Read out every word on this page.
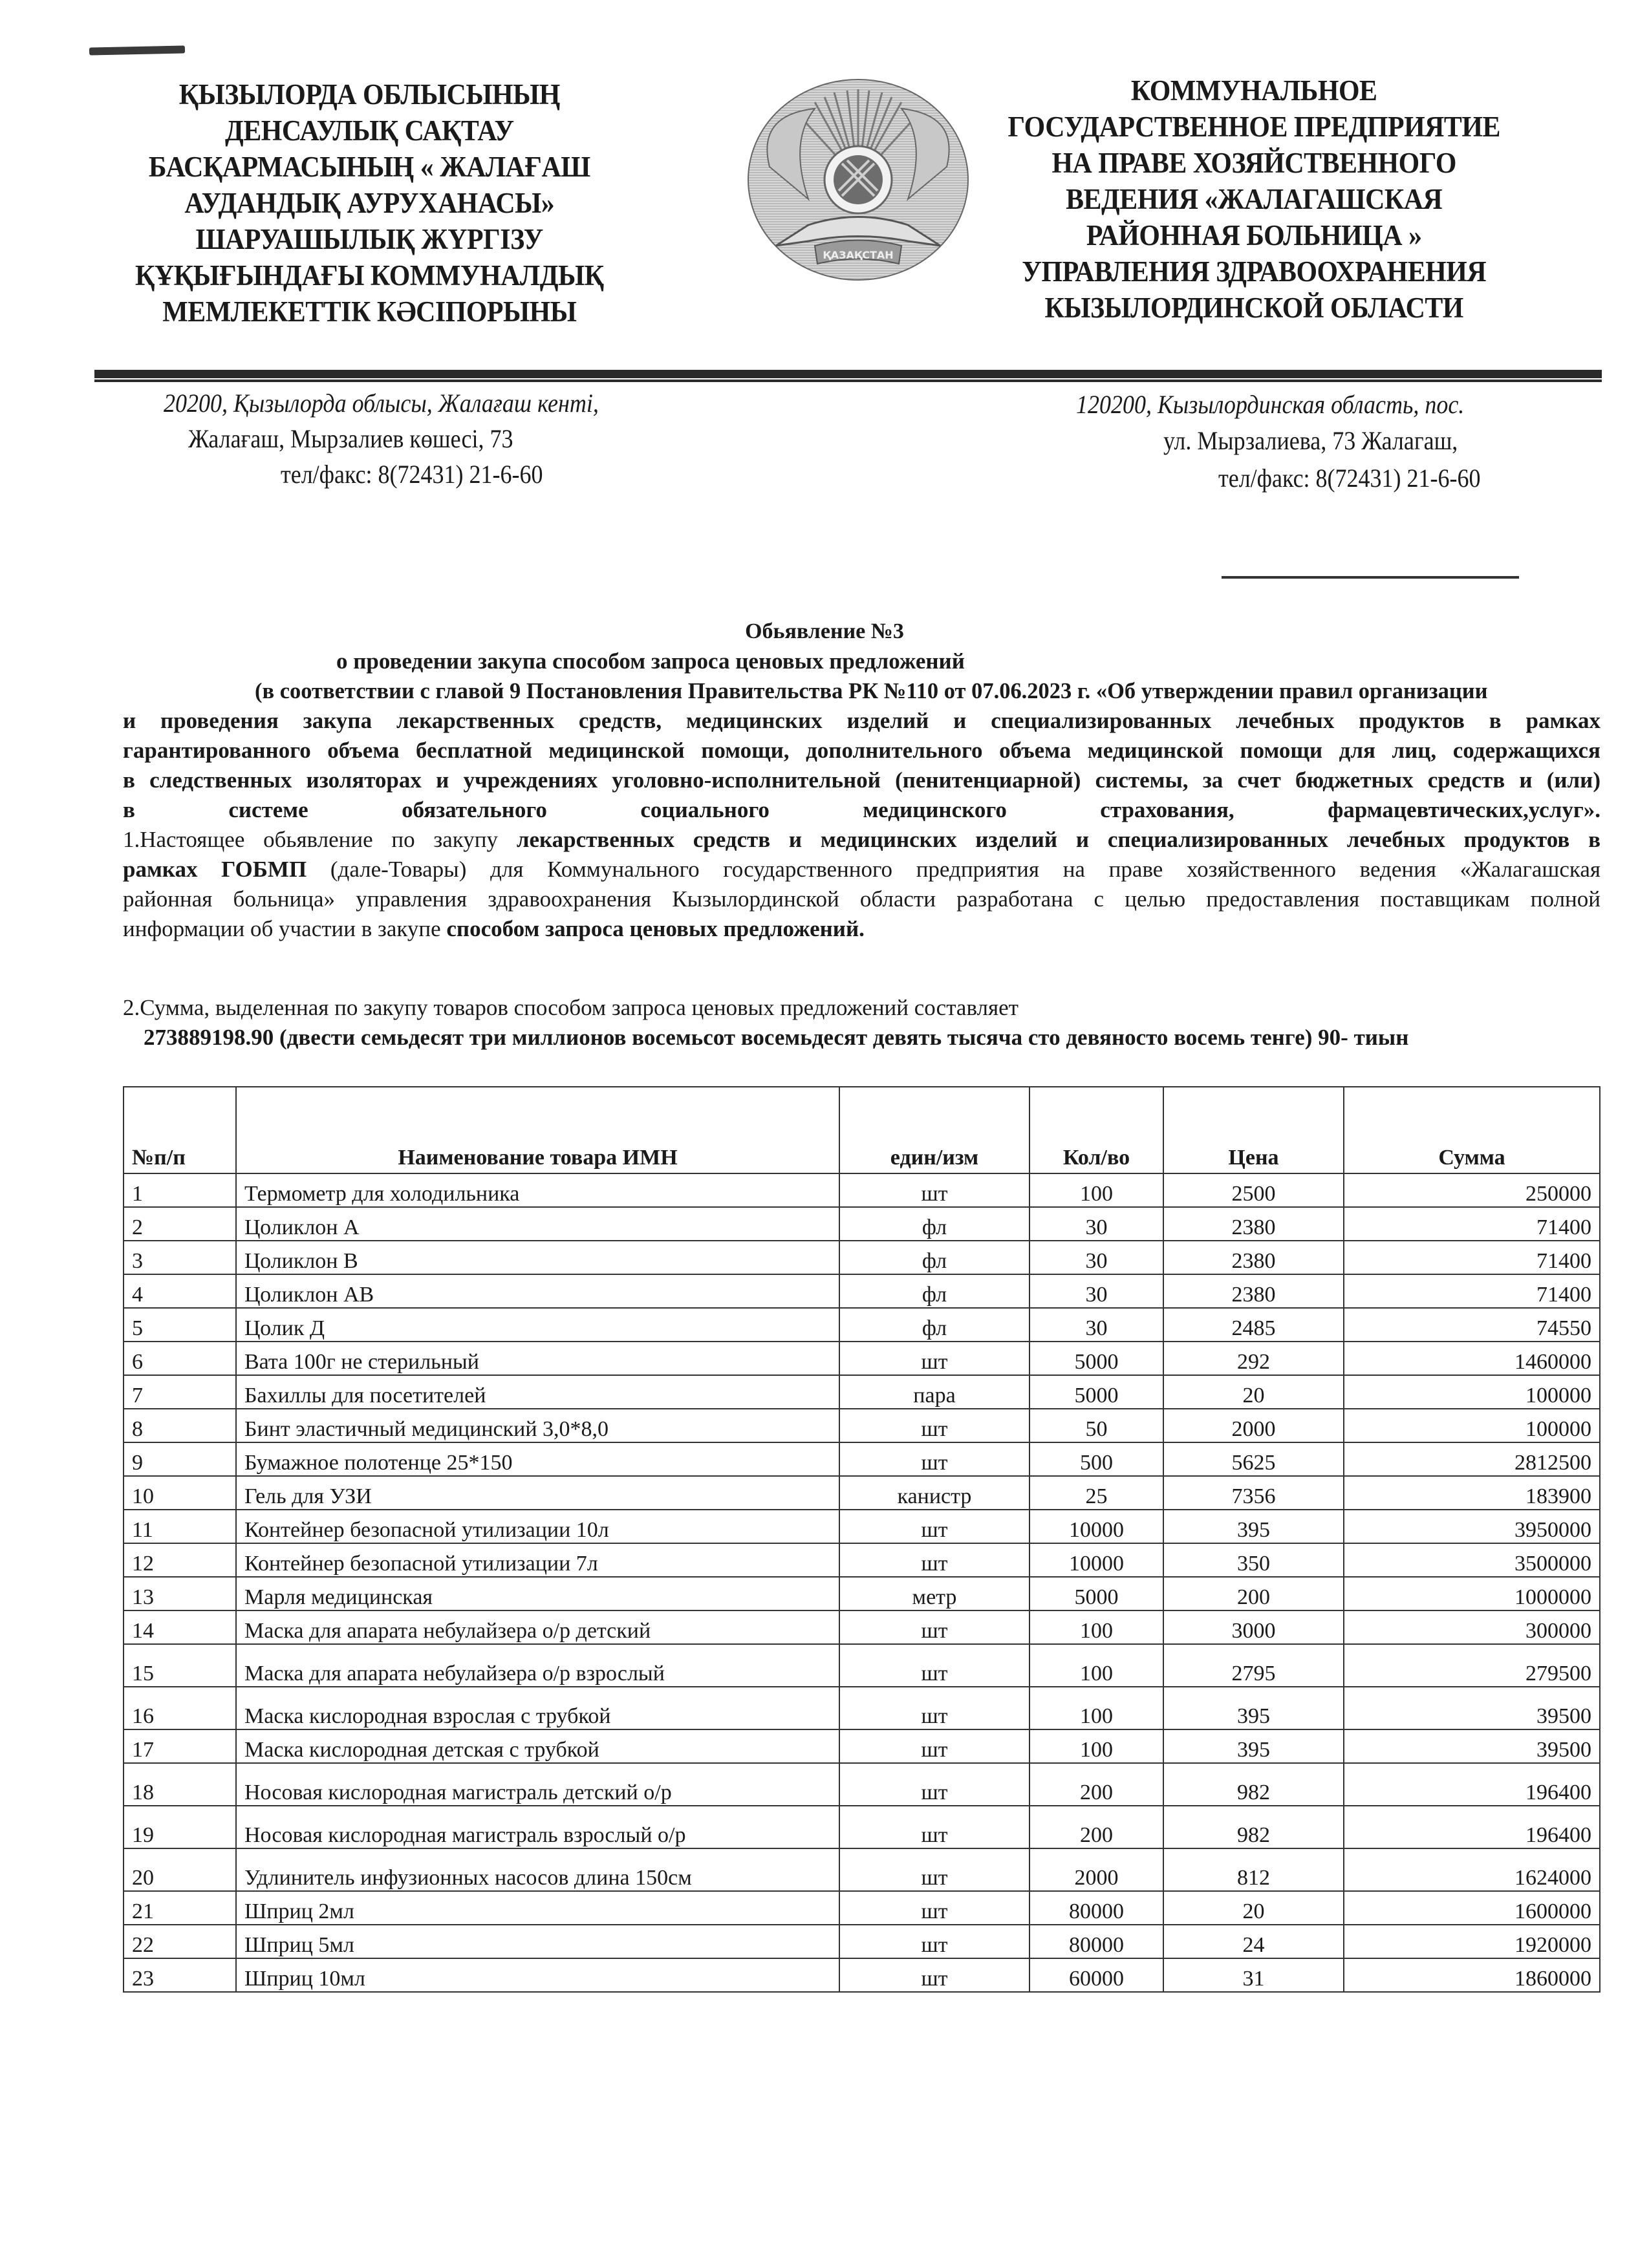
ҚЫЗЫЛОРДА ОБЛЫСЫНЫҢ
ДЕНСАУЛЫҚ САҚТАУ
БАСҚАРМАСЫНЫҢ « ЖАЛАҒАШ
АУДАНДЫҚ АУРУХАНАСЫ»
ШАРУАШЫЛЫҚ ЖҮРГІЗУ
ҚҰҚЫҒЫНДАҒЫ КОММУНАЛДЫҚ
МЕМЛЕКЕТТІК КӘСІПОРЫНЫ
ҚАЗАҚСТАН
КОММУНАЛЬНОЕ
ГОСУДАРСТВЕННОЕ ПРЕДПРИЯТИЕ
НА ПРАВЕ ХОЗЯЙСТВЕННОГО
ВЕДЕНИЯ «ЖАЛАГАШСКАЯ
РАЙОННАЯ БОЛЬНИЦА »
УПРАВЛЕНИЯ ЗДРАВООХРАНЕНИЯ
КЫЗЫЛОРДИНСКОЙ ОБЛАСТИ
20200, Қызылорда облысы, Жалағаш кенті,
Жалағаш, Мырзалиев көшесі, 73
тел/факс: 8(72431) 21-6-60
120200, Кызылординская область, пос.
ул. Мырзалиева, 73 Жалагаш,
тел/факс: 8(72431) 21-6-60
Обьявление №3
о проведении закупа способом запроса ценовых предложений
(в соответствии с главой 9 Постановления Правительства РК №110 от 07.06.2023 г. «Об утверждении правил организации
и проведения закупа лекарственных средств, медицинских изделий и специализированных лечебных продуктов в рамках
гарантированного объема бесплатной медицинской помощи, дополнительного объема медицинской помощи для лиц, содержащихся
в следственных изоляторах и учреждениях уголовно-исполнительной (пенитенциарной) системы, за счет бюджетных средств и (или)
в системе обязательного социального медицинского страхования, фармацевтических,услуг».
1.Настоящее обьявление по закупу лекарственных средств и медицинских изделий и специализированных лечебных продуктов в
рамках ГОБМП (дале-Товары) для Коммунального государственного предприятия на праве хозяйственного ведения «Жалагашская
районная больница» управления здравоохранения Кызылординской области разработана с целью предоставления поставщикам полной
информации об участии в закупе способом запроса ценовых предложений.
2.Сумма, выделенная по закупу товаров способом запроса ценовых предложений составляет
273889198.90 (двести семьдесят три миллионов восемьсот восемьдесят девять тысяча сто девяносто восемь тенге) 90- тиын
№п/п	Наименование товара ИМН	един/изм	Кол/во	Цена	Сумма
1	Термометр для холодильника	шт	100	2500	250000
2	Цоликлон А	фл	30	2380	71400
3	Цоликлон В	фл	30	2380	71400
4	Цоликлон АВ	фл	30	2380	71400
5	Цолик Д	фл	30	2485	74550
6	Вата 100г не стерильный	шт	5000	292	1460000
7	Бахиллы для посетителей	пара	5000	20	100000
8	Бинт эластичный медицинский 3,0*8,0	шт	50	2000	100000
9	Бумажное полотенце 25*150	шт	500	5625	2812500
10	Гель для УЗИ	канистр	25	7356	183900
11	Контейнер безопасной утилизации 10л	шт	10000	395	3950000
12	Контейнер безопасной утилизации 7л	шт	10000	350	3500000
13	Марля медицинская	метр	5000	200	1000000
14	Маска для апарата небулайзера о/р детский	шт	100	3000	300000
15	Маска для апарата небулайзера о/р взрослый	шт	100	2795	279500
16	Маска кислородная взрослая с трубкой	шт	100	395	39500
17	Маска кислородная детская с трубкой	шт	100	395	39500
18	Носовая кислородная магистраль детский о/р	шт	200	982	196400
19	Носовая кислородная магистраль взрослый о/р	шт	200	982	196400
20	Удлинитель инфузионных насосов длина 150см	шт	2000	812	1624000
21	Шприц 2мл	шт	80000	20	1600000
22	Шприц 5мл	шт	80000	24	1920000
23	Шприц 10мл	шт	60000	31	1860000
